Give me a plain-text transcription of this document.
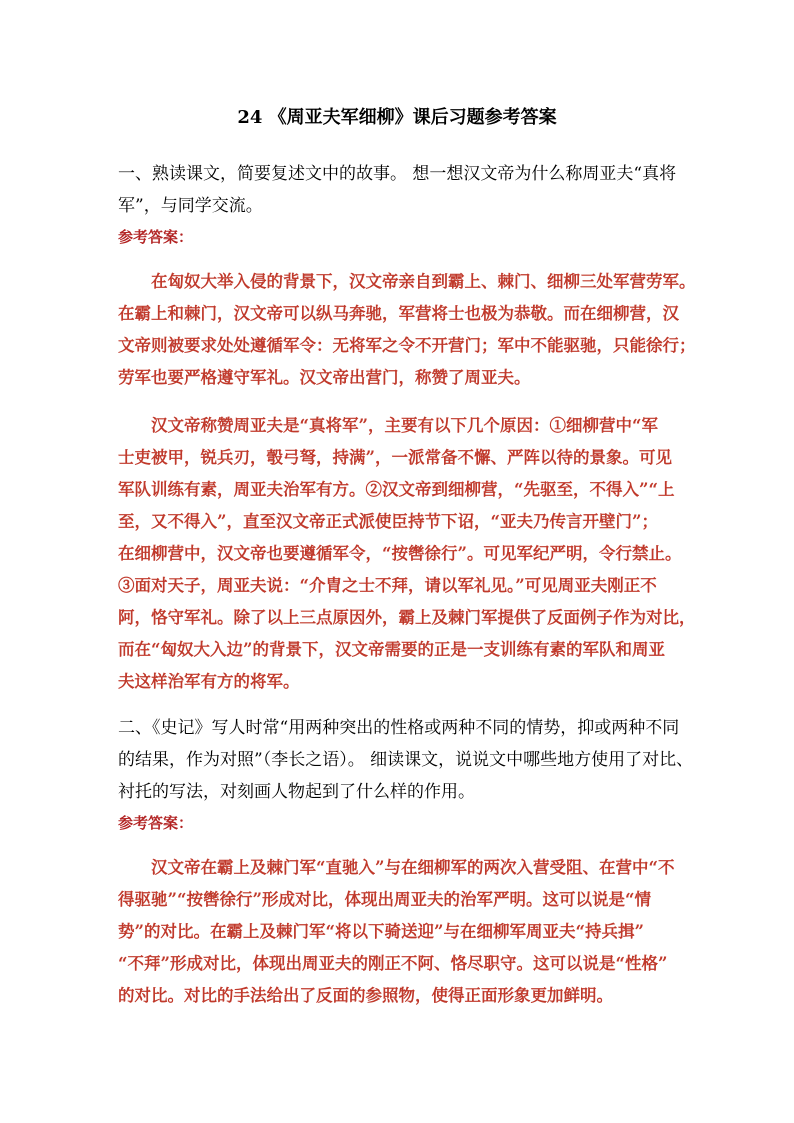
24 《周亚夫军细柳》课后习题参考答案
一、熟读课文，简要复述文中的故事。 想一想汉文帝为什么称周亚夫“真将
军”，与同学交流。
参考答案：
在匈奴大举入侵的背景下，汉文帝亲自到霸上、棘门、细柳三处军营劳军。
在霸上和棘门，汉文帝可以纵马奔驰，军营将士也极为恭敬。而在细柳营，汉
文帝则被要求处处遵循军令：无将军之令不开营门；军中不能驱驰，只能徐行；
劳军也要严格遵守军礼。汉文帝出营门，称赞了周亚夫。
汉文帝称赞周亚夫是“真将军”，主要有以下几个原因：①细柳营中“军
士吏被甲，锐兵刃，彀弓弩，持满”，一派常备不懈、严阵以待的景象。可见
军队训练有素，周亚夫治军有方。②汉文帝到细柳营，“先驱至，不得入”“上
至，又不得入”，直至汉文帝正式派使臣持节下诏，“亚夫乃传言开壁门”；
在细柳营中，汉文帝也要遵循军令，“按辔徐行”。可见军纪严明，令行禁止。
③面对天子，周亚夫说：“介胄之士不拜，请以军礼见。”可见周亚夫刚正不
阿，恪守军礼。除了以上三点原因外，霸上及棘门军提供了反面例子作为对比，
而在“匈奴大入边”的背景下，汉文帝需要的正是一支训练有素的军队和周亚
夫这样治军有方的将军。
二、《史记》写人时常“用两种突出的性格或两种不同的情势，抑或两种不同
的结果，作为对照”（李长之语）。 细读课文，说说文中哪些地方使用了对比、
衬托的写法，对刻画人物起到了什么样的作用。
参考答案：
汉文帝在霸上及棘门军“直驰入”与在细柳军的两次入营受阻、在营中“不
得驱驰”“按辔徐行”形成对比，体现出周亚夫的治军严明。这可以说是“情
势”的对比。在霸上及棘门军“将以下骑送迎”与在细柳军周亚夫“持兵揖”
“不拜”形成对比，体现出周亚夫的刚正不阿、恪尽职守。这可以说是“性格”
的对比。对比的手法给出了反面的参照物，使得正面形象更加鲜明。
